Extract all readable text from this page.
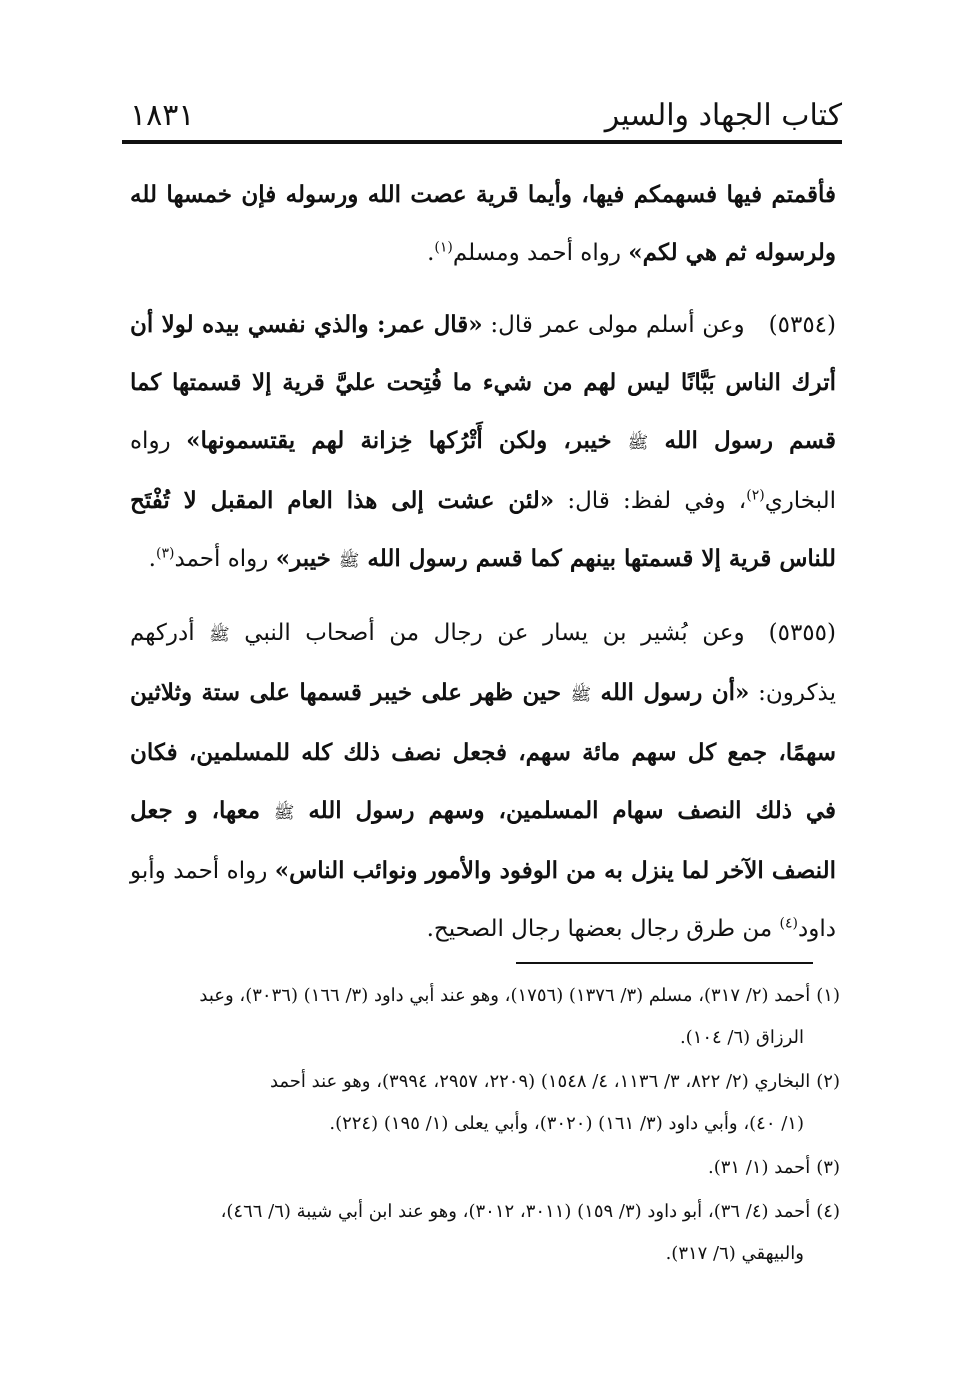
كتاب الجهاد والسير
١٨٣١

فأقمتم فيها فسهمكم فيها، وأيما قرية عصت الله ورسوله فإن خمسها لله ولرسوله ثم هي لكم» رواه أحمد ومسلم$^{(١)}$.

(٥٣٥٤)وعن أسلم مولى عمر قال: «قال عمر: والذي نفسي بيده لولا أن أترك الناس بَبَّانًا ليس لهم من شيء ما فُتِحت عليَّ قرية إلا قسمتها كما قسم رسول الله ﷺ خيبر، ولكن أَتْرُكها خِزانة لهم يقتسمونها» رواه البخاري$^{(٢)}$، وفي لفظ: قال: «لئن عشت إلى هذا العام المقبل لا تُفْتَح للناس قرية إلا قسمتها بينهم كما قسم رسول الله ﷺ خيبر» رواه أحمد$^{(٣)}$.

(٥٣٥٥)وعن بُشير بن يسار عن رجال من أصحاب النبي ﷺ أدركهم يذكرون: «أن رسول الله ﷺ حين ظهر على خيبر قسمها على ستة وثلاثين سهمًا، جمع كل سهم مائة سهم، فجعل نصف ذلك كله للمسلمين، فكان في ذلك النصف سهام المسلمين، وسهم رسول الله ﷺ معها، و جعل النصف الآخر لما ينزل به من الوفود والأمور ونوائب الناس» رواه أحمد وأبو داود$^{(٤)}$ من طرق رجال بعضها رجال الصحيح.

(١)أحمد (٢/ ٣١٧)، مسلم (٣/ ١٣٧٦) (١٧٥٦)، وهو عند أبي داود (٣/ ١٦٦) (٣٠٣٦)، وعبد
الرزاق (٦/ ١٠٤).

(٢)البخاري (٢/ ٨٢٢، ٣/ ١١٣٦، ٤/ ١٥٤٨) (٢٢٠٩، ٢٩٥٧، ٣٩٩٤)، وهو عند أحمد
(١/ ٤٠)، وأبي داود (٣/ ١٦١) (٣٠٢٠)، وأبي يعلى (١/ ١٩٥) (٢٢٤).

(٣)أحمد (١/ ٣١).

(٤)أحمد (٤/ ٣٦)، أبو داود (٣/ ١٥٩) (٣٠١١، ٣٠١٢)، وهو عند ابن أبي شيبة (٦/ ٤٦٦)،
والبيهقي (٦/ ٣١٧).
